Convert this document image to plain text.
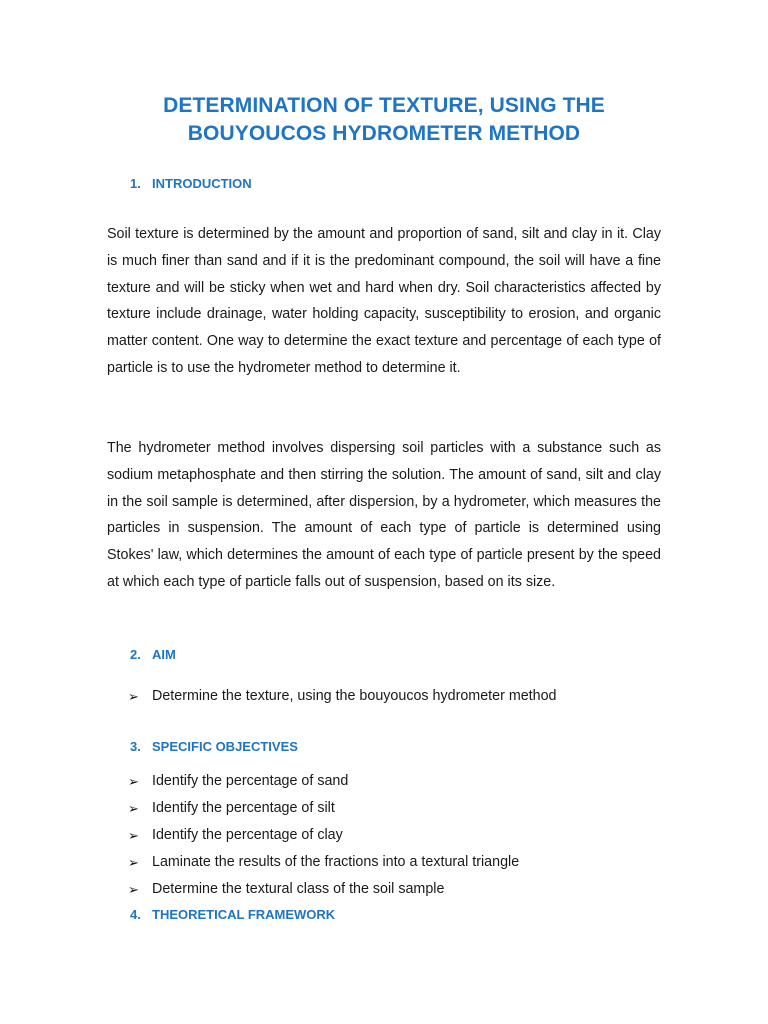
DETERMINATION OF TEXTURE, USING THE
BOUYOUCOS HYDROMETER METHOD
1. INTRODUCTION
Soil texture is determined by the amount and proportion of sand, silt and clay in it. Clay is much finer than sand and if it is the predominant compound, the soil will have a fine texture and will be sticky when wet and hard when dry. Soil characteristics affected by texture include drainage, water holding capacity, susceptibility to erosion, and organic matter content. One way to determine the exact texture and percentage of each type of particle is to use the hydrometer method to determine it.
The hydrometer method involves dispersing soil particles with a substance such as sodium metaphosphate and then stirring the solution. The amount of sand, silt and clay in the soil sample is determined, after dispersion, by a hydrometer, which measures the particles in suspension. The amount of each type of particle is determined using Stokes' law, which determines the amount of each type of particle present by the speed at which each type of particle falls out of suspension, based on its size.
2. AIM
➢ Determine the texture, using the bouyoucos hydrometer method
3. SPECIFIC OBJECTIVES
➢ Identify the percentage of sand
➢ Identify the percentage of silt
➢ Identify the percentage of clay
➢ Laminate the results of the fractions into a textural triangle
➢ Determine the textural class of the soil sample
4. THEORETICAL FRAMEWORK
